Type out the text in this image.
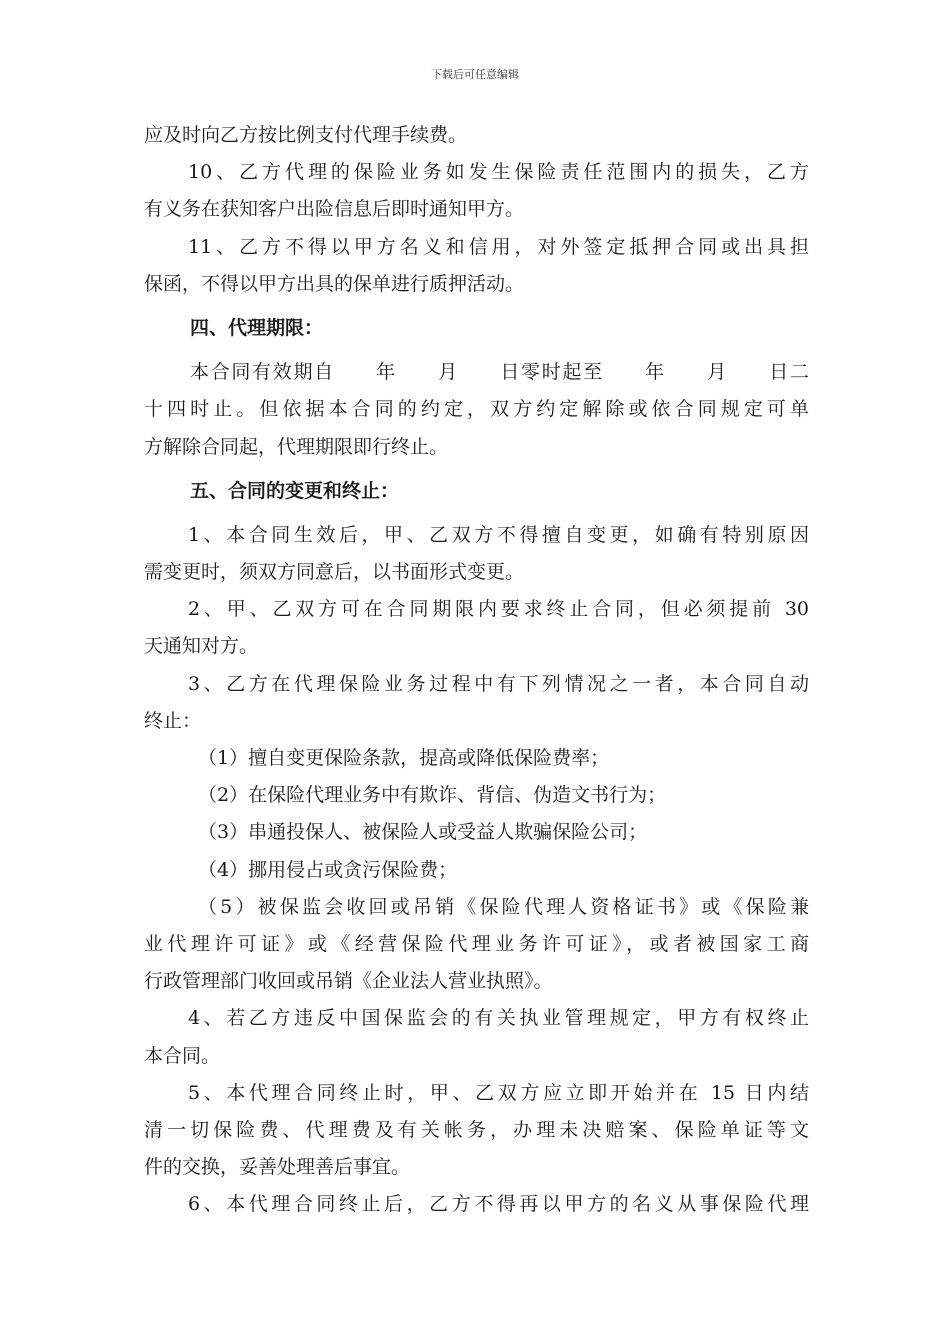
下载后可任意编辑
应及时向乙方按比例支付代理手续费。
10、乙方代理的保险业务如发生保险责任范围内的损失，乙方
有义务在获知客户出险信息后即时通知甲方。
11、乙方不得以甲方名义和信用，对外签定抵押合同或出具担
保函，不得以甲方出具的保单进行质押活动。
四、代理期限：
本合同有效期自　　年　　月　　日零时起至　　年　　月　　日二
十四时止。但依据本合同的约定，双方约定解除或依合同规定可单
方解除合同起，代理期限即行终止。
五、合同的变更和终止：
1、本合同生效后，甲、乙双方不得擅自变更，如确有特别原因
需变更时，须双方同意后，以书面形式变更。
2、甲、乙双方可在合同期限内要求终止合同，但必须提前 30
天通知对方。
3、乙方在代理保险业务过程中有下列情况之一者，本合同自动
终止：
（1）擅自变更保险条款，提高或降低保险费率；
（2）在保险代理业务中有欺诈、背信、伪造文书行为；
（3）串通投保人、被保险人或受益人欺骗保险公司；
（4）挪用侵占或贪污保险费；
（5）被保监会收回或吊销《保险代理人资格证书》或《保险兼
业代理许可证》或《经营保险代理业务许可证》，或者被国家工商
行政管理部门收回或吊销《企业法人营业执照》。
4、若乙方违反中国保监会的有关执业管理规定，甲方有权终止
本合同。
5、本代理合同终止时，甲、乙双方应立即开始并在 15 日内结
清一切保险费、代理费及有关帐务，办理未决赔案、保险单证等文
件的交换，妥善处理善后事宜。
6、本代理合同终止后，乙方不得再以甲方的名义从事保险代理
